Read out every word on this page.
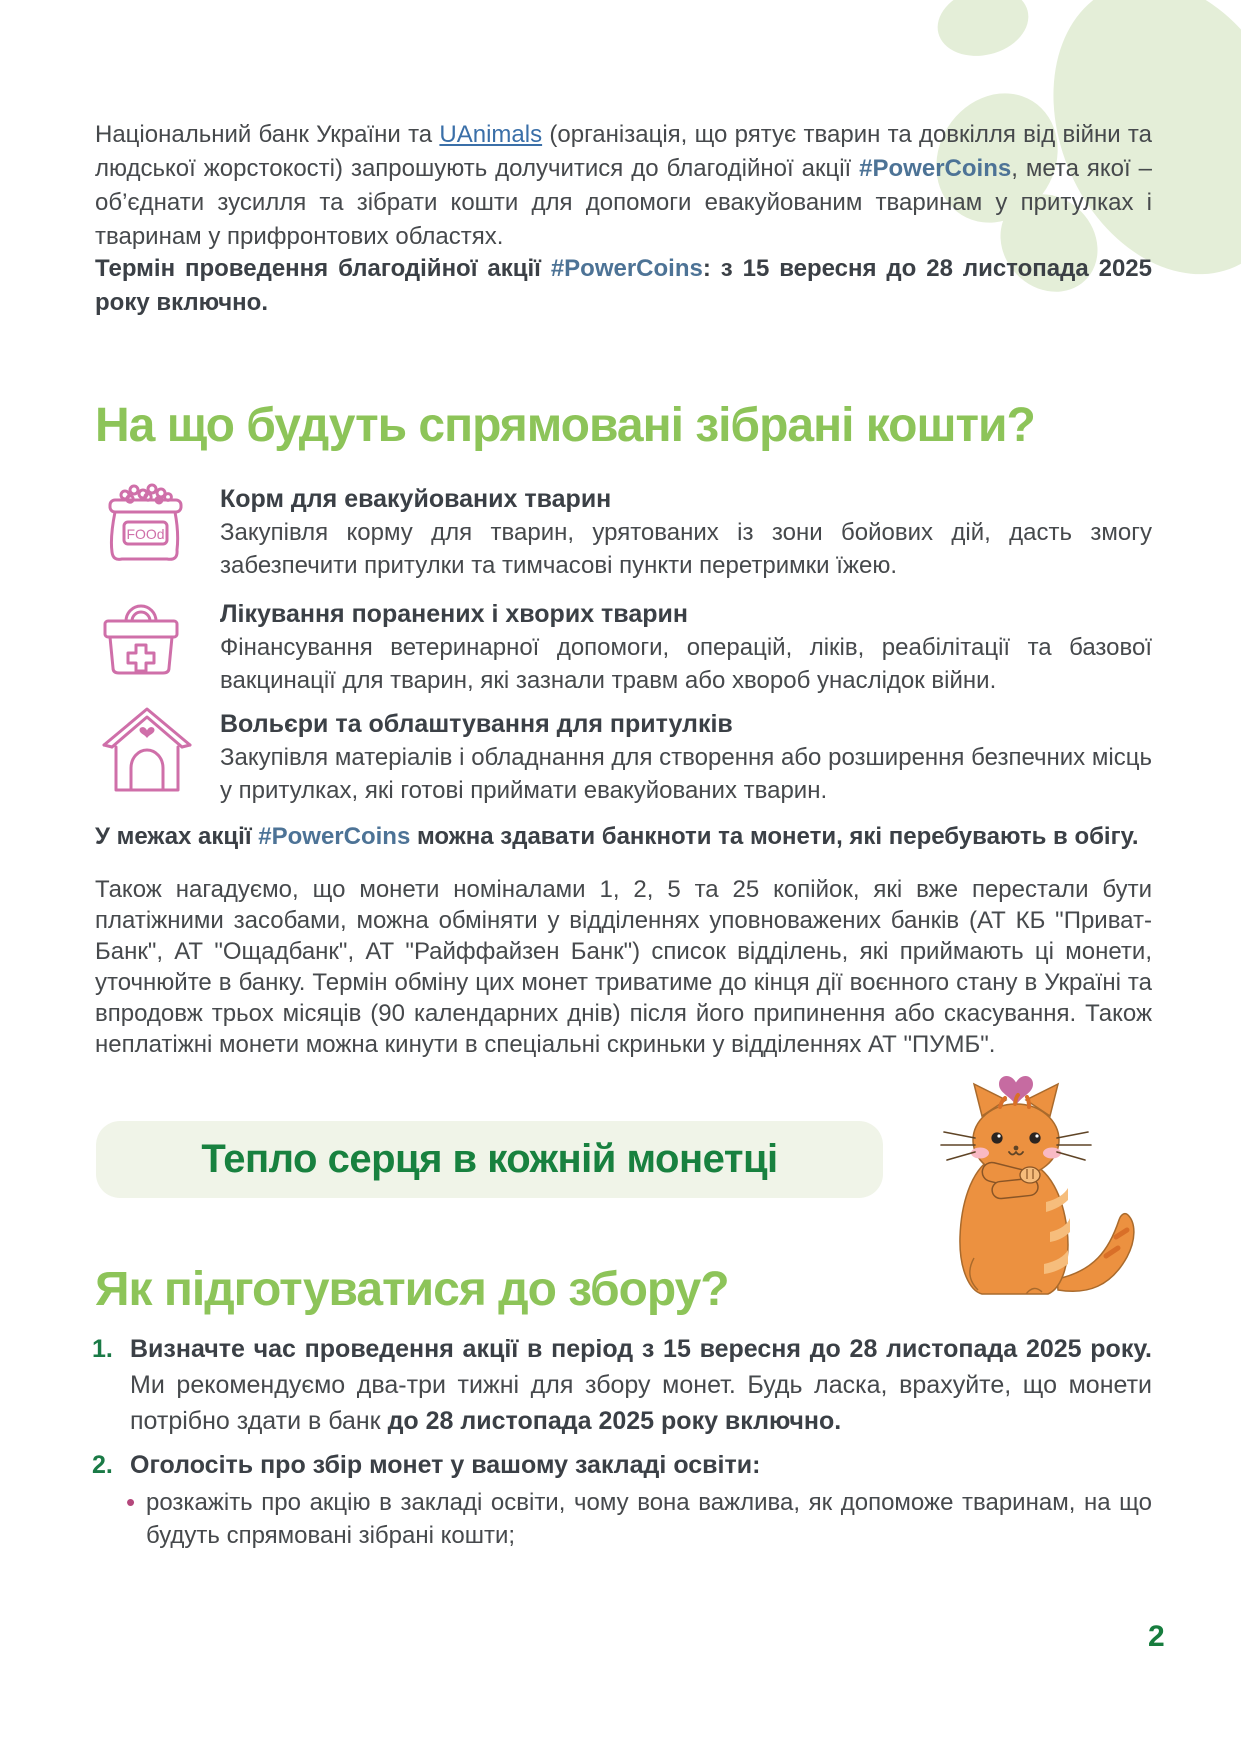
Національний банк України та UAnimals (організація, що рятує тварин та довкілля від війни та людської жорстокості) запрошують долучитися до благодійної акції #PowerCoins, мета якої – об’єднати зусилля та зібрати кошти для допомоги евакуйованим тваринам у притулках і тваринам у прифронтових областях.

Термін проведення благодійної акції #PowerCoins: з 15 вересня до 28 листопада 2025 року включно.

На що будуть спрямовані зібрані кошти?
FOOd
Корм для евакуйованих тварин
Закупівля корму для тварин, урятованих із зони бойових дій, дасть змогу забезпечити притулки та тимчасові пункти перетримки їжею.
Лікування поранених і хворих тварин
Фінансування ветеринарної допомоги, операцій, ліків, реабілітації та базової вакцинації для тварин, які зазнали травм або хвороб унаслідок війни.
Вольєри та облаштування для притулків
Закупівля матеріалів і обладнання для створення або розширення безпечних місць у притулках, які готові приймати евакуйованих тварин.
У межах акції #PowerCoins можна здавати банкноти та монети, які перебувають в обігу.

Також нагадуємо, що монети номіналами 1, 2, 5 та 25 копійок, які вже перестали бути платіжними засобами, можна обміняти у відділеннях уповноважених банків (АТ КБ "Приват-Банк", АТ "Ощадбанк", АТ "Райффайзен Банк") список відділень, які приймають ці монети, уточнюйте в банку. Термін обміну цих монет триватиме до кінця дії воєнного стану в Україні та впродовж трьох місяців (90 календарних днів) після його припинення або скасування. Також неплатіжні монети можна кинути в спеціальні скриньки у відділеннях АТ "ПУМБ".

Тепло серця в кожній монетці
Як підготуватися до збору?
1. Визначте час проведення акції в період з 15 вересня до 28 листопада 2025 року. Ми рекомендуємо два-три тижні для збору монет. Будь ласка, врахуйте, що монети потрібно здати в банк до 28 листопада 2025 року включно.
2. Оголосіть про збір монет у вашому закладі освіти:
• розкажіть про акцію в закладі освіти, чому вона важлива, як допоможе тваринам, на що будуть спрямовані зібрані кошти;
2
